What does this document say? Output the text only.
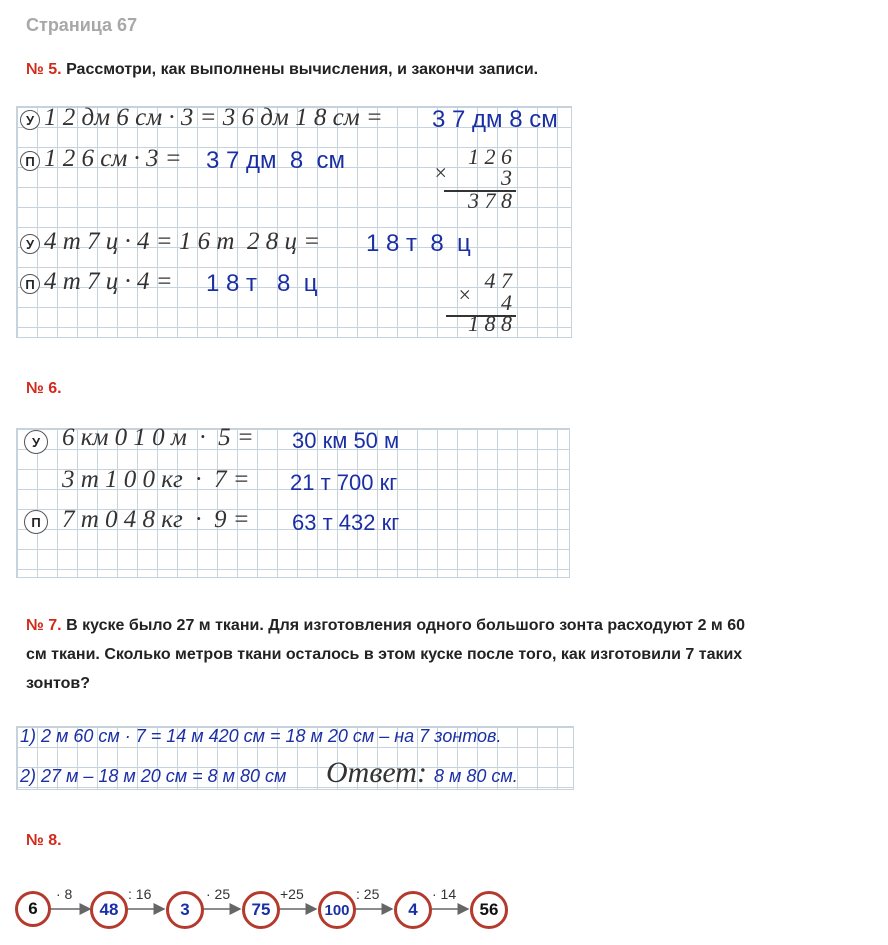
Страница 67
№ 5. Рассмотри, как выполнены вычисления, и закончи записи.
У 1 2 дм 6 см · 3 = 3 6 дм 1 8 см = 3 7 дм 8 см
П 1 2 6 см · 3 = 3 7 дм  8  см
У 4 т 7 ц · 4 = 1 6 т  2 8 ц = 1 8 т  8  ц
П 4 т 7 ц · 4 = 1 8 т   8  ц
×
1 2 6
3
3 7 8
×
4 7
4
1 8 8
№ 6.
У 6 км 0 1 0 м  ·  5 = 30 км 50 м
3 т 1 0 0 кг  ·  7 = 21 т 700 кг
П 7 т 0 4 8 кг  ·  9 = 63 т 432 кг
№ 7. В куске было 27 м ткани. Для изготовления одного большого зонта расходуют 2 м 60
см ткани. Сколько метров ткани осталось в этом куске после того, как изготовили 7 таких
зонтов?
1) 2 м 60 см · 7 = 14 м 420 см = 18 м 20 см – на 7 зонтов.
2) 27 м – 18 м 20 см = 8 м 80 см Ответ: 8 м 80 см.
№ 8.
6
· 8
48
: 16
3
· 25
75
+25
100
: 25
4
· 14
56
